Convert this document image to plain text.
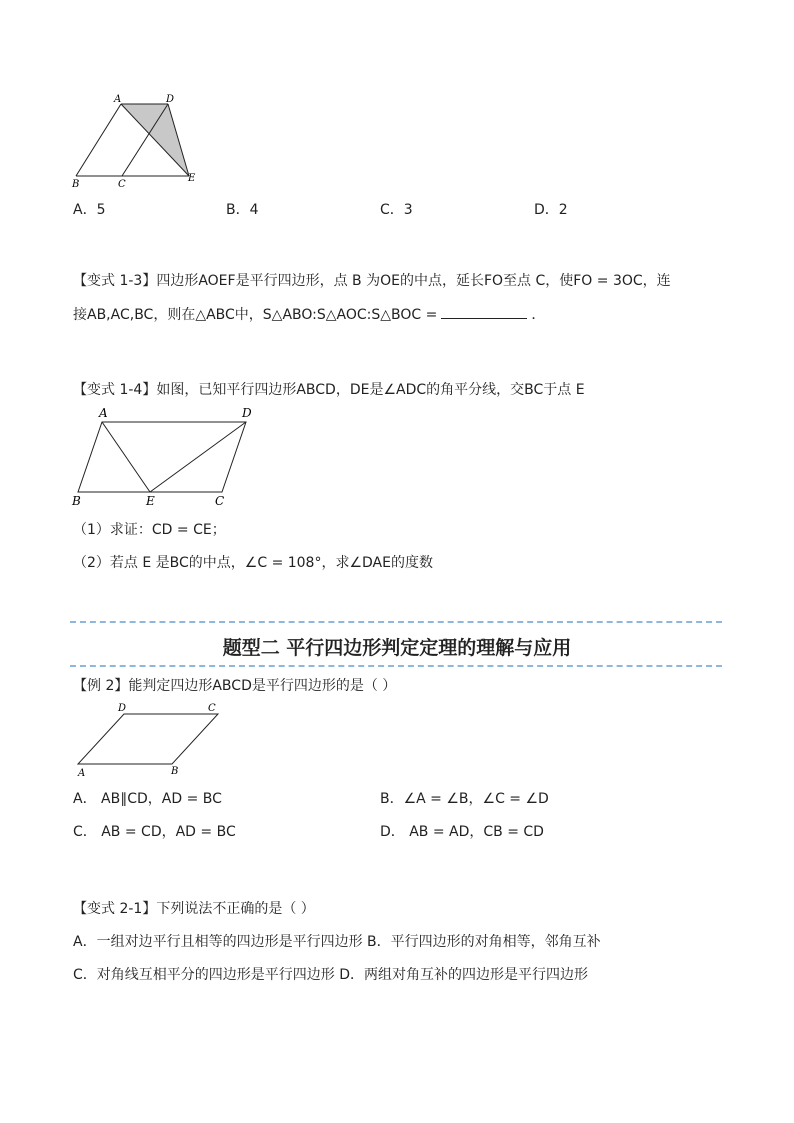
A	D
B	C
E
A．5	B．4	C．3	D．2
【变式 1-3】四边形AOEF是平行四边形，点 B 为OE的中点，延长FO至点 C，使FO = 3OC，连
接AB,AC,BC，则在△ABC中，S△ABO:S△AOC:S△BOC =	．
【变式 1-4】如图，已知平行四边形ABCD，DE是∠ADC的角平分线，交BC于点 E
A	D
B	E	C
（1）求证：CD = CE；
（2）若点 E 是BC的中点，∠C = 108°，求∠DAE的度数
题型二 平行四边形判定定理的理解与应用
【例 2】能判定四边形ABCD是平行四边形的是（ ）
D	C
A	B
A． AB∥CD，AD = BC	B．∠A = ∠B，∠C = ∠D
C． AB = CD，AD = BC	D． AB = AD，CB = CD
【变式 2-1】下列说法不正确的是（ ）
A．一组对边平行且相等的四边形是平行四边形 B．平行四边形的对角相等，邻角互补
C．对角线互相平分的四边形是平行四边形 D．两组对角互补的四边形是平行四边形
